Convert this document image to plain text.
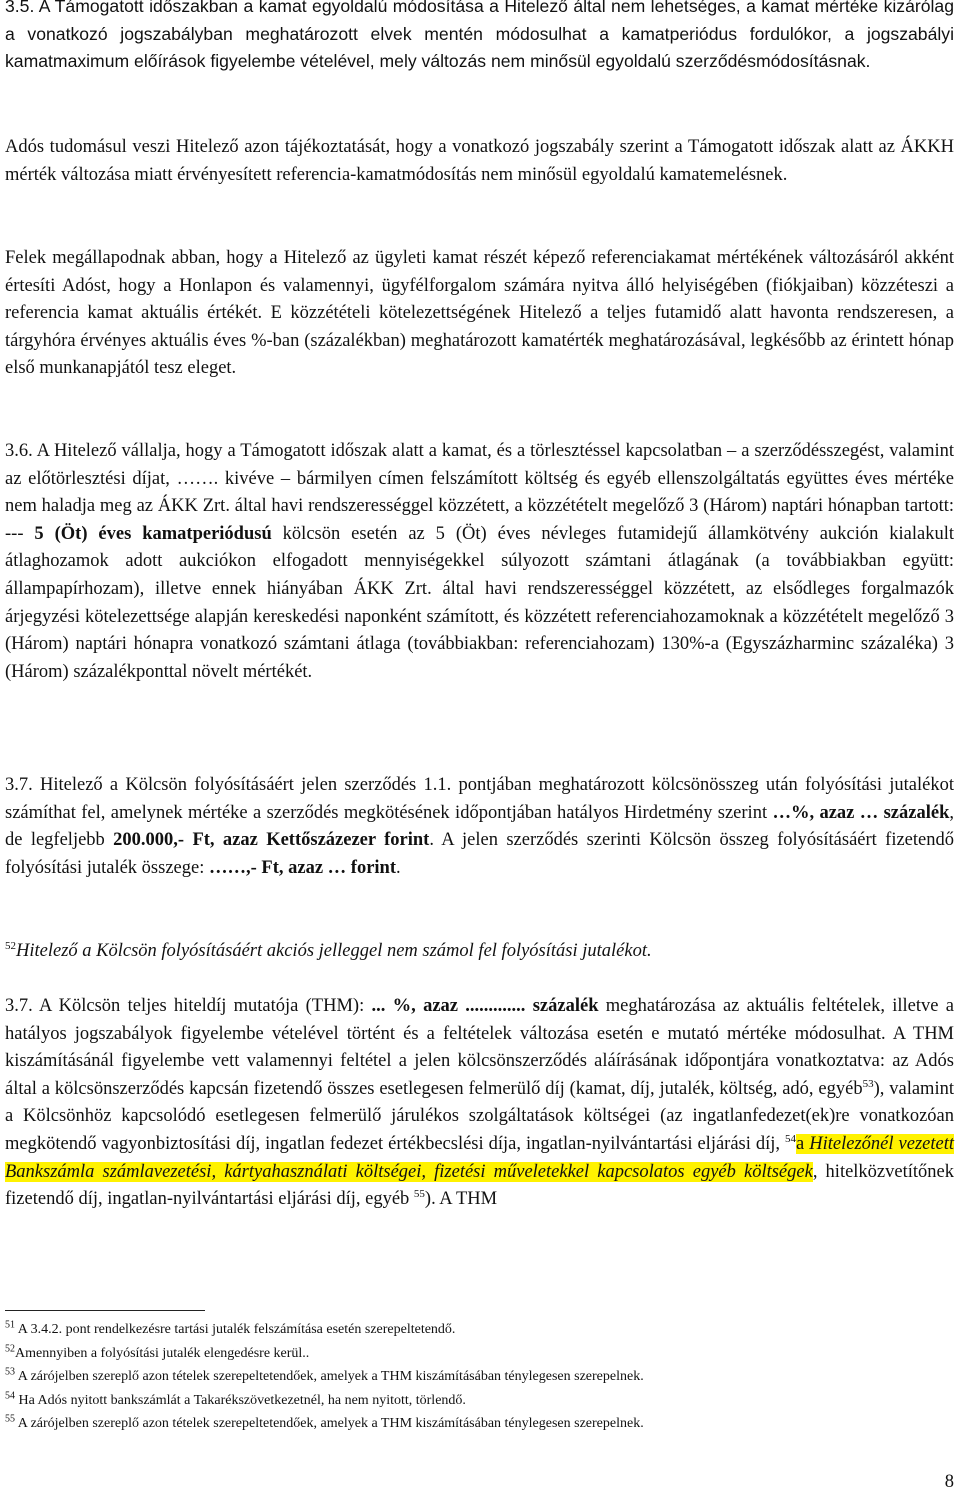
3.5. A Támogatott időszakban a kamat egyoldalú módosítása a Hitelező által nem lehetséges, a kamat mértéke kizárólag a vonatkozó jogszabályban meghatározott elvek mentén módosulhat a kamatperiódus fordulókor, a jogszabályi kamatmaximum előírások figyelembe vételével, mely változás nem minősül egyoldalú szerződésmódosításnak.

Adós tudomásul veszi Hitelező azon tájékoztatását, hogy a vonatkozó jogszabály szerint a Támogatott időszak alatt az ÁKKH mérték változása miatt érvényesített referencia-kamatmódosítás nem minősül egyoldalú kamatemelésnek.

Felek megállapodnak abban, hogy a Hitelező az ügyleti kamat részét képező referenciakamat mértékének változásáról akként értesíti Adóst, hogy a Honlapon és valamennyi, ügyfélforgalom számára nyitva álló helyiségében (fiókjaiban) közzéteszi a referencia kamat aktuális értékét. E közzétételi kötelezettségének Hitelező a teljes futamidő alatt havonta rendszeresen, a tárgyhóra érvényes aktuális éves %-ban (százalékban) meghatározott kamatérték meghatározásával, legkésőbb az érintett hónap első munkanapjától tesz eleget.

3.6. A Hitelező vállalja, hogy a Támogatott időszak alatt a kamat, és a törlesztéssel kapcsolatban – a szerződésszegést, valamint az előtörlesztési díjat, ……. kivéve – bármilyen címen felszámított költség és egyéb ellenszolgáltatás együttes éves mértéke nem haladja meg az ÁKK Zrt. által havi rendszerességgel közzétett, a közzétételt megelőző 3 (Három) naptári hónapban tartott: --- 5 (Öt) éves kamatperiódusú kölcsön esetén az 5 (Öt) éves névleges futamidejű államkötvény aukción kialakult átlaghozamok adott aukciókon elfogadott mennyiségekkel súlyozott számtani átlagának (a továbbiakban együtt: állampapírhozam), illetve ennek hiányában ÁKK Zrt. által havi rendszerességgel közzétett, az elsődleges forgalmazók árjegyzési kötelezettsége alapján kereskedési naponként számított, és közzétett referenciahozamoknak a közzétételt megelőző 3 (Három) naptári hónapra vonatkozó számtani átlaga (továbbiakban: referenciahozam) 130%-a (Egyszázharminc százaléka) 3 (Három) százalékponttal növelt mértékét.

3.7. Hitelező a Kölcsön folyósításáért jelen szerződés 1.1. pontjában meghatározott kölcsönösszeg után folyósítási jutalékot számíthat fel, amelynek mértéke a szerződés megkötésének időpontjában hatályos Hirdetmény szerint …%, azaz … százalék, de legfeljebb 200.000,- Ft, azaz Kettőszázezer forint. A jelen szerződés szerinti Kölcsön összeg folyósításáért fizetendő folyósítási jutalék összege: ……,- Ft, azaz … forint.

$^{52}$Hitelező a Kölcsön folyósításáért akciós jelleggel nem számol fel folyósítási jutalékot.

3.7. A Kölcsön teljes hiteldíj mutatója (THM): ... %, azaz ............. százalék meghatározása az aktuális feltételek, illetve a hatályos jogszabályok figyelembe vételével történt és a feltételek változása esetén e mutató mértéke módosulhat. A THM kiszámításánál figyelembe vett valamennyi feltétel a jelen kölcsönszerződés aláírásának időpontjára vonatkoztatva: az Adós által a kölcsönszerződés kapcsán fizetendő összes esetlegesen felmerülő díj (kamat, díj, jutalék, költség, adó, egyéb$^{53}$), valamint a Kölcsönhöz kapcsolódó esetlegesen felmerülő járulékos szolgáltatások költségei (az ingatlanfedezet(ek)re vonatkozóan megkötendő vagyonbiztosítási díj, ingatlan fedezet értékbecslési díja, ingatlan-nyilvántartási eljárási díj, $^{54}$a Hitelezőnél vezetett Bankszámla számlavezetési, kártyahasználati költségei, fizetési műveletekkel kapcsolatos egyéb költségek, hitelközvetítőnek fizetendő díj, ingatlan-nyilvántartási eljárási díj, egyéb $^{55}$). A THM

$^{51}$ A 3.4.2. pont rendelkezésre tartási jutalék felszámítása esetén szerepeltetendő.
$^{52}$Amennyiben a folyósítási jutalék elengedésre kerül..
$^{53}$ A zárójelben szereplő azon tételek szerepeltetendőek, amelyek a THM kiszámításában ténylegesen szerepelnek.
$^{54}$ Ha Adós nyitott bankszámlát a Takarékszövetkezetnél, ha nem nyitott, törlendő.
$^{55}$ A zárójelben szereplő azon tételek szerepeltetendőek, amelyek a THM kiszámításában ténylegesen szerepelnek.
8
